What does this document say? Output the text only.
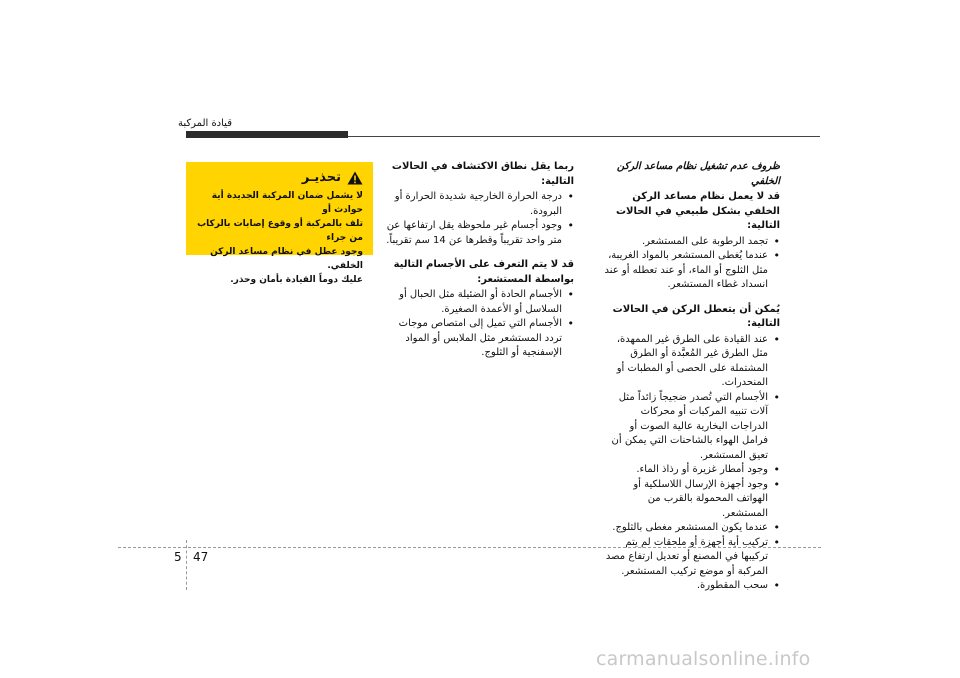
قيادة المركبة
تحذيـر
لا يشمل ضمان المركبة الجديدة أية حوادث أو
تلف بالمركبة أو وقوع إصابات بالركاب من جراء
وجود عطل في نظام مساعد الركن الخلفي.
عليك دوماً القيادة بأمان وحذر.
ربما يقل نطاق الاكتشاف في الحالات التالية:
• درجة الحرارة الخارجية شديدة الحرارة أو البرودة.
• وجود أجسام غير ملحوظة يقل ارتفاعها عن متر واحد تقريباً وقطرها عن 14 سم تقريباً.
قد لا يتم التعرف على الأجسام التالية بواسطة المستشعر:
• الأجسام الحادة أو الضئيلة مثل الحبال أو السلاسل أو الأعمدة الصغيرة.
• الأجسام التي تميل إلى امتصاص موجات تردد المستشعر مثل الملابس أو المواد الإسفنجية أو الثلوج.
ظروف عدم تشغيل نظام مساعد الركن الخلفي
قد لا يعمل نظام مساعد الركن الخلفي بشكل طبيعي في الحالات التالية:
• تجمد الرطوبة على المستشعر.
• عندما يُغطى المستشعر بالمواد الغريبة، مثل الثلوج أو الماء، أو عند تعطله أو عند انسداد غطاء المستشعر.
يُمكن أن يتعطل الركن في الحالات التالية:
• عند القيادة على الطرق غير الممهدة، مثل الطرق غير المُعبَّدة أو الطرق المشتملة على الحصى أو المطبات أو المنحدرات.
• الأجسام التي تُصدر ضجيجاً زائداً مثل آلات تنبيه المركبات أو محركات الدراجات البخارية عالية الصوت أو فرامل الهواء بالشاحنات التي يمكن أن تعيق المستشعر.
• وجود أمطار غزيرة أو رذاذ الماء.
• وجود أجهزة الإرسال اللاسلكية أو الهواتف المحمولة بالقرب من المستشعر.
• عندما يكون المستشعر مغطى بالثلوج.
• تركيب أية أجهزة أو ملحقات لم يتم تركيبها في المصنع أو تعديل ارتفاع مصد المركبة أو موضع تركيب المستشعر.
• سحب المقطورة.
47
5
carmanualsonline.info
